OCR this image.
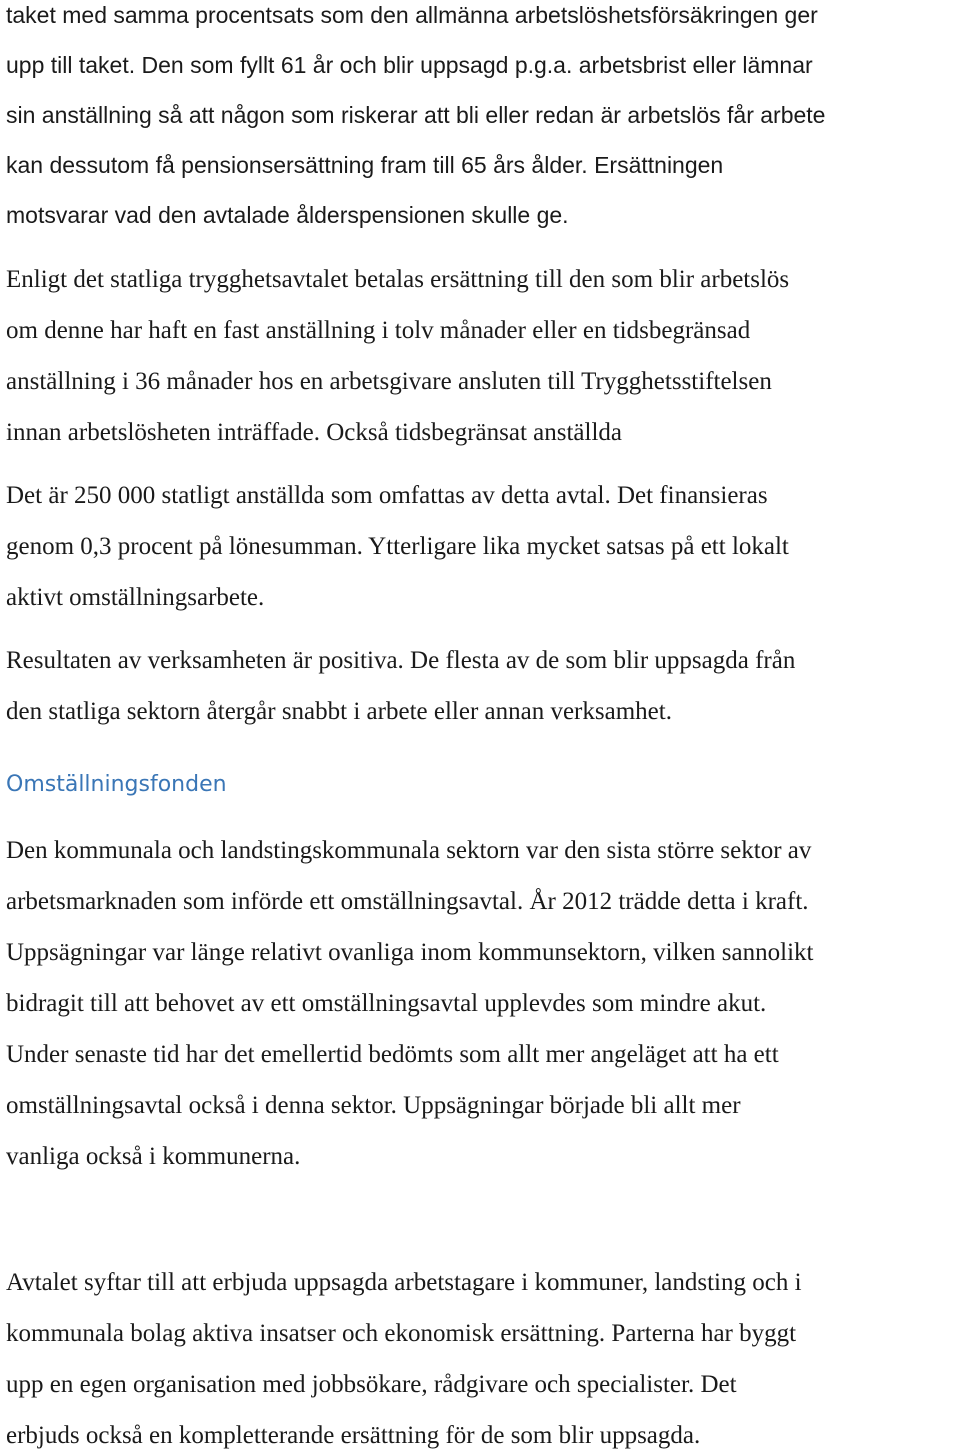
taket med samma procentsats som den allmänna arbetslöshetsförsäkringen ger
upp till taket. Den som fyllt 61 år och blir uppsagd p.g.a. arbetsbrist eller lämnar
sin anställning så att någon som riskerar att bli eller redan är arbetslös får arbete
kan dessutom få pensionsersättning fram till 65 års ålder. Ersättningen
motsvarar vad den avtalade ålderspensionen skulle ge.
Enligt det statliga trygghetsavtalet betalas ersättning till den som blir arbetslös
om denne har haft en fast anställning i tolv månader eller en tidsbegränsad
anställning i 36 månader hos en arbetsgivare ansluten till Trygghetsstiftelsen
innan arbetslösheten inträffade. Också tidsbegränsat anställda
Det är 250 000 statligt anställda som omfattas av detta avtal. Det finansieras
genom 0,3 procent på lönesumman. Ytterligare lika mycket satsas på ett lokalt
aktivt omställningsarbete.
Resultaten av verksamheten är positiva. De flesta av de som blir uppsagda från
den statliga sektorn återgår snabbt i arbete eller annan verksamhet.
Omställningsfonden
Den kommunala och landstingskommunala sektorn var den sista större sektor av
arbetsmarknaden som införde ett omställningsavtal. År 2012 trädde detta i kraft.
Uppsägningar var länge relativt ovanliga inom kommunsektorn, vilken sannolikt
bidragit till att behovet av ett omställningsavtal upplevdes som mindre akut.
Under senaste tid har det emellertid bedömts som allt mer angeläget att ha ett
omställningsavtal också i denna sektor. Uppsägningar började bli allt mer
vanliga också i kommunerna.
Avtalet syftar till att erbjuda uppsagda arbetstagare i kommuner, landsting och i
kommunala bolag aktiva insatser och ekonomisk ersättning. Parterna har byggt
upp en egen organisation med jobbsökare, rådgivare och specialister. Det
erbjuds också en kompletterande ersättning för de som blir uppsagda.
